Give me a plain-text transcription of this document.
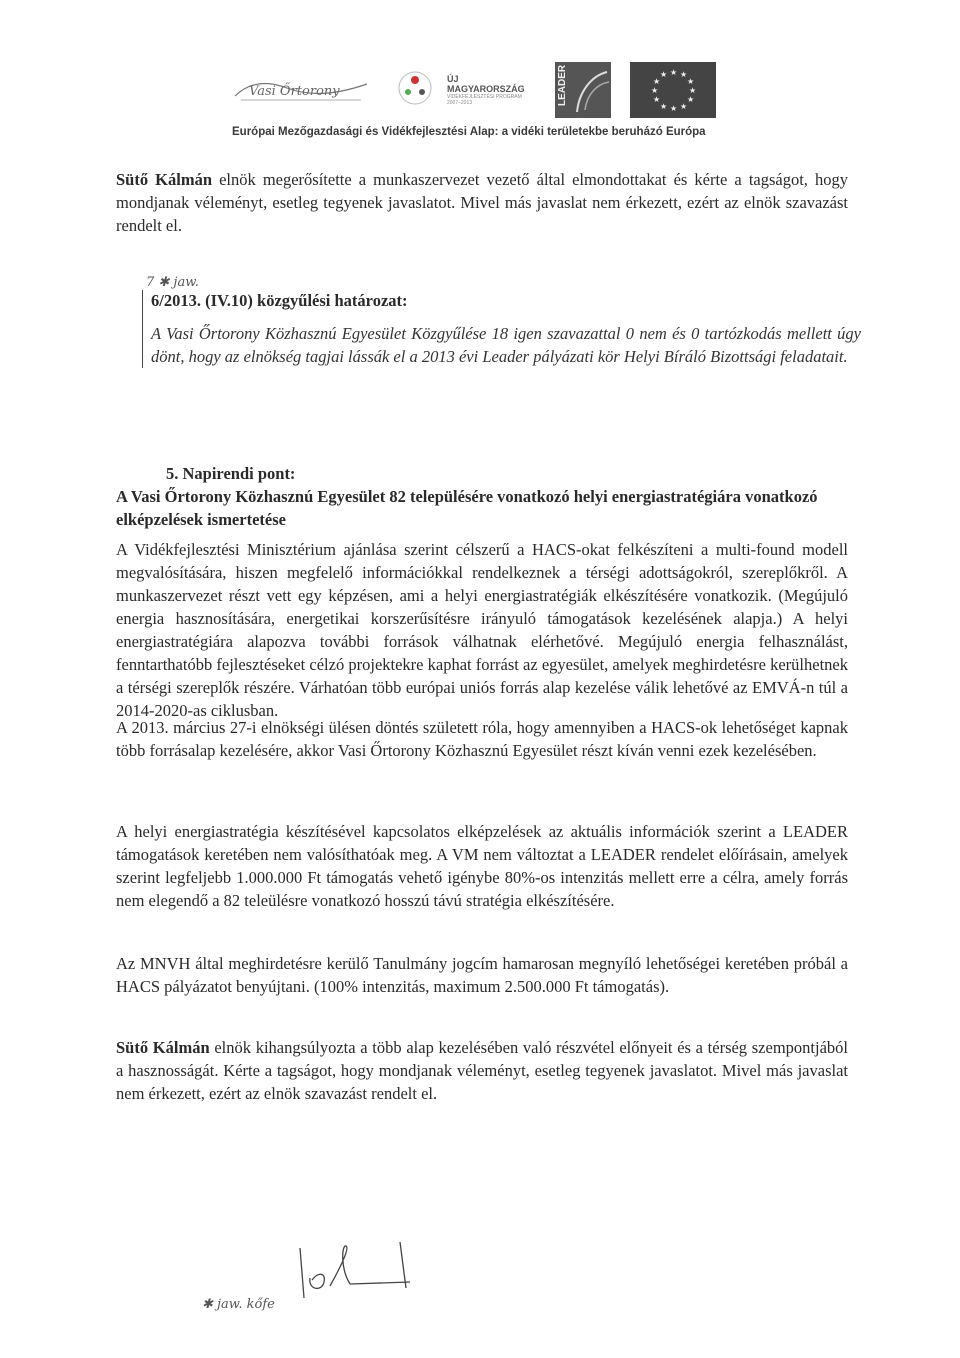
Vasi Őrtorony
ÚJ MAGYARORSZÁG
VIDÉKFEJLESZTÉSI PROGRAM
2007–2013	LEADER	★ ★
★
★
★
★
★
★
★
★
★
★
Európai Mezőgazdasági és Vidékfejlesztési Alap: a vidéki területekbe beruházó Európa
Sütő Kálmán elnök megerősítette a munkaszervezet vezető által elmondottakat és kérte a tagságot, hogy mondjanak véleményt, esetleg tegyenek javaslatot. Mivel más javaslat nem érkezett, ezért az elnök szavazást rendelt el.
7 ✱ jaw.
6/2013. (IV.10) közgyűlési határozat:
A Vasi Őrtorony Közhasznú Egyesület Közgyűlése 18 igen szavazattal 0 nem és 0 tartózkodás mellett úgy dönt, hogy az elnökség tagjai lássák el a 2013 évi Leader pályázati kör Helyi Bíráló Bizottsági feladatait.
5. Napirendi pont:
A Vasi Őrtorony Közhasznú Egyesület 82 településére vonatkozó helyi energiastratégiára vonatkozó elképzelések ismertetése
A Vidékfejlesztési Minisztérium ajánlása szerint célszerű a HACS-okat felkészíteni a multi-found modell megvalósítására, hiszen megfelelő információkkal rendelkeznek a térségi adottságokról, szereplőkről. A munkaszervezet részt vett egy képzésen, ami a helyi energiastratégiák elkészítésére vonatkozik. (Megújuló energia hasznosítására, energetikai korszerűsítésre irányuló támogatások kezelésének alapja.) A helyi energiastratégiára alapozva további források válhatnak elérhetővé. Megújuló energia felhasználást, fenntarthatóbb fejlesztéseket célzó projektekre kaphat forrást az egyesület, amelyek meghirdetésre kerülhetnek a térségi szereplők részére. Várhatóan több európai uniós forrás alap kezelése válik lehetővé az EMVÁ-n túl a 2014-2020-as ciklusban.
A 2013. március 27-i elnökségi ülésen döntés született róla, hogy amennyiben a HACS-ok lehetőséget kapnak több forrásalap kezelésére, akkor Vasi Őrtorony Közhasznú Egyesület részt kíván venni ezek kezelésében.
A helyi energiastratégia készítésével kapcsolatos elképzelések az aktuális információk szerint a LEADER támogatások keretében nem valósíthatóak meg. A VM nem változtat a LEADER rendelet előírásain, amelyek szerint legfeljebb 1.000.000 Ft támogatás vehető igénybe 80%-os intenzitás mellett erre a célra, amely forrás nem elegendő a 82 teleülésre vonatkozó hosszú távú stratégia elkészítésére.
Az MNVH által meghirdetésre kerülő Tanulmány jogcím hamarosan megnyíló lehetőségei keretében próbál a HACS pályázatot benyújtani. (100% intenzitás, maximum 2.500.000 Ft támogatás).
Sütő Kálmán elnök kihangsúlyozta a több alap kezelésében való részvétel előnyeit és a térség szempontjából a hasznosságát. Kérte a tagságot, hogy mondjanak véleményt, esetleg tegyenek javaslatot. Mivel más javaslat nem érkezett, ezért az elnök szavazást rendelt el.
✱ jaw. kőfe
